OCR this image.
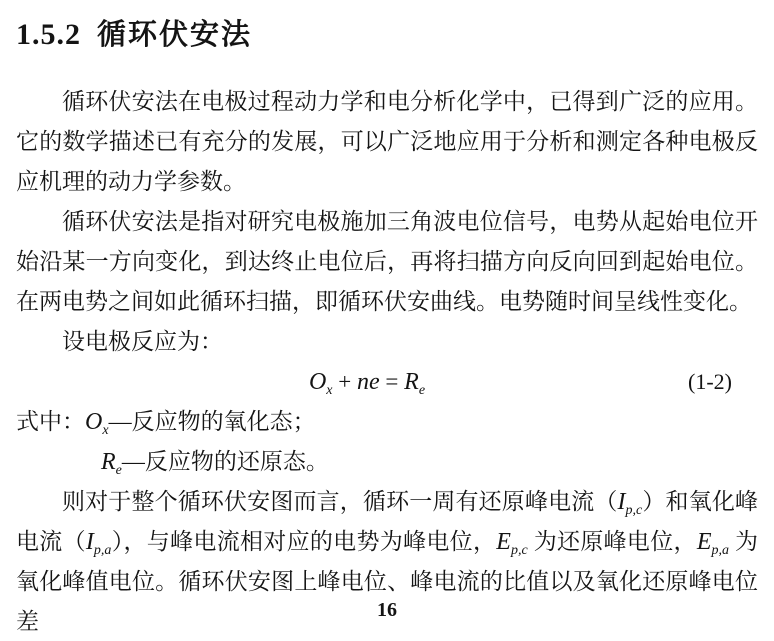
1.5.2 循环伏安法

循环伏安法在电极过程动力学和电分析化学中，已得到广泛的应用。它的数学描述已有充分的发展，可以广泛地应用于分析和测定各种电极反应机理的动力学参数。

循环伏安法是指对研究电极施加三角波电位信号，电势从起始电位开始沿某一方向变化，到达终止电位后，再将扫描方向反向回到起始电位。在两电势之间如此循环扫描，即循环伏安曲线。电势随时间呈线性变化。

设电极反应为：

$O_x$ + ne = $R_e$	(1-2)

式中：$O_x—$反应物的氧化态；

$R_e—$反应物的还原态。

则对于整个循环伏安图而言，循环一周有还原峰电流$(I_{p,c})$和氧化峰电流$(I_{p,a})$，与峰电流相对应的电势为峰电位，$E_{p,c}$ 为还原峰电位，$E_{p,a}$ 为氧化峰值电位。循环伏安图上峰电位、峰电流的比值以及氧化还原峰电位差	16
